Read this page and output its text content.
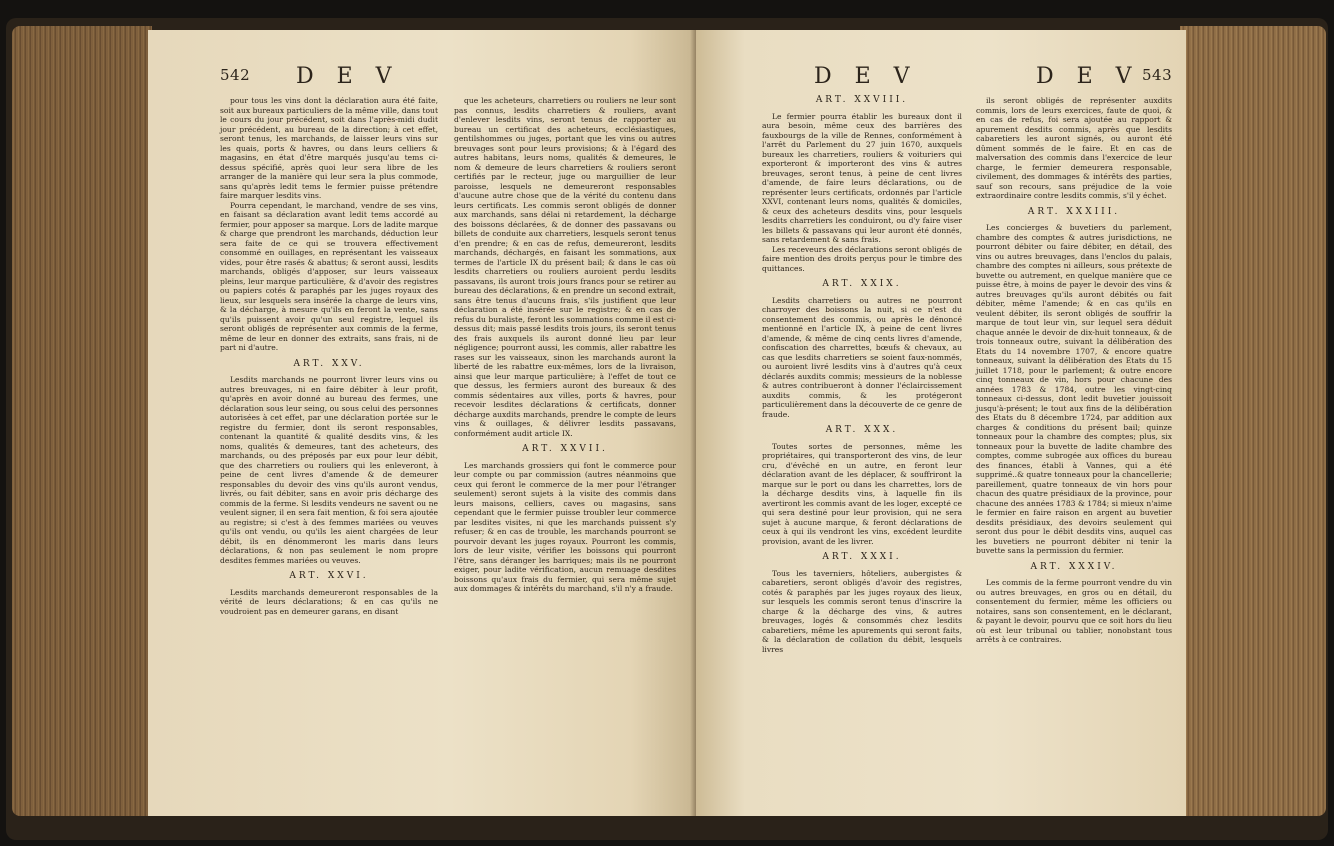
542 D E V

pour tous les vins dont la déclaration aura été faite, soit aux bureaux particuliers de la même ville, dans tout le cours du jour précédent, soit dans l'après-midi dudit jour précédent, au bureau de la direction; à cet effet, seront tenus, les marchands, de laisser leurs vins sur les quais, ports & havres, ou dans leurs celliers & magasins, en état d'être marqués jusqu'au tems ci-dessus spécifié, après quoi leur sera libre de les arranger de la manière qui leur sera la plus commode, sans qu'après ledit tems le fermier puisse prétendre faire marquer lesdits vins.

Pourra cependant, le marchand, vendre de ses vins, en faisant sa déclaration avant ledit tems accordé au fermier, pour apposer sa marque. Lors de ladite marque & charge que prendront les marchands, déduction leur sera faite de ce qui se trouvera effectivement consommé en ouillages, en représentant les vaisseaux vides, pour être rasés & abattus; & seront aussi, lesdits marchands, obligés d'apposer, sur leurs vaisseaux pleins, leur marque particulière, & d'avoir des registres ou papiers cotés & paraphés par les juges royaux des lieux, sur lesquels sera insérée la charge de leurs vins, & la décharge, à mesure qu'ils en feront la vente, sans qu'ils puissent avoir qu'un seul registre, lequel ils seront obligés de représenter aux commis de la ferme, même de leur en donner des extraits, sans frais, ni de part ni d'autre.

ART. XXV.

Lesdits marchands ne pourront livrer leurs vins ou autres breuvages, ni en faire débiter à leur profit, qu'après en avoir donné au bureau des fermes, une déclaration sous leur seing, ou sous celui des personnes autorisées à cet effet, par une déclaration portée sur le registre du fermier, dont ils seront responsables, contenant la quantité & qualité desdits vins, & les noms, qualités & demeures, tant des acheteurs, des marchands, ou des préposés par eux pour leur débit, que des charretiers ou rouliers qui les enleveront, à peine de cent livres d'amende & de demeurer responsables du devoir des vins qu'ils auront vendus, livrés, ou fait débiter, sans en avoir pris décharge des commis de la ferme. Si lesdits vendeurs ne savent ou ne veulent signer, il en sera fait mention, & foi sera ajoutée au registre; si c'est à des femmes mariées ou veuves qu'ils ont vendu, ou qu'ils les aient chargées de leur débit, ils en dénommeront les maris dans leurs déclarations, & non pas seulement le nom propre desdites femmes mariées ou veuves.

ART. XXVI.

Lesdits marchands demeureront responsables de la vérité de leurs déclarations; & en cas qu'ils ne voudroient pas en demeurer garans, en disant

que les acheteurs, charretiers ou rouliers ne leur sont pas connus, lesdits charretiers & rouliers, avant d'enlever lesdits vins, seront tenus de rapporter au bureau un certificat des acheteurs, ecclésiastiques, gentilshommes ou juges, portant que les vins ou autres breuvages sont pour leurs provisions; & à l'égard des autres habitans, leurs noms, qualités & demeures, le nom & demeure de leurs charretiers & rouliers seront certifiés par le recteur, juge ou marguillier de leur paroisse, lesquels ne demeureront responsables d'aucune autre chose que de la vérité du contenu dans leurs certificats. Les commis seront obligés de donner aux marchands, sans délai ni retardement, la décharge des boissons déclarées, & de donner des passavans ou billets de conduite aux charretiers, lesquels seront tenus d'en prendre; & en cas de refus, demeureront, lesdits marchands, déchargés, en faisant les sommations, aux termes de l'article IX du présent bail; & dans le cas où lesdits charretiers ou rouliers auroient perdu lesdits passavans, ils auront trois jours francs pour se retirer au bureau des déclarations, & en prendre un second extrait, sans être tenus d'aucuns frais, s'ils justifient que leur déclaration a été insérée sur le registre; & en cas de refus du buraliste, feront les sommations comme il est ci-dessus dit; mais passé lesdits trois jours, ils seront tenus des frais auxquels ils auront donné lieu par leur négligence; pourront aussi, les commis, aller rabattre les rases sur les vaisseaux, sinon les marchands auront la liberté de les rabattre eux-mêmes, lors de la livraison, ainsi que leur marque particulière; à l'effet de tout ce que dessus, les fermiers auront des bureaux & des commis sédentaires aux villes, ports & havres, pour recevoir lesdites déclarations & certificats, donner décharge auxdits marchands, prendre le compte de leurs vins & ouillages, & délivrer lesdits passavans, conformément audit article IX.

ART. XXVII.

Les marchands grossiers qui font le commerce pour leur compte ou par commission (autres néanmoins que ceux qui feront le commerce de la mer pour l'étranger seulement) seront sujets à la visite des commis dans leurs maisons, celliers, caves ou magasins, sans cependant que le fermier puisse troubler leur commerce par lesdites visites, ni que les marchands puissent s'y refuser; & en cas de trouble, les marchands pourront se pourvoir devant les juges royaux. Pourront les commis, lors de leur visite, vérifier les boissons qui pourront l'être, sans déranger les barriques; mais ils ne pourront exiger, pour ladite vérification, aucun remuage desdites boissons qu'aux frais du fermier, qui sera même sujet aux dommages & intérêts du marchand, s'il n'y a fraude.

D E V	D E V 543
ART. XXVIII.

Le fermier pourra établir les bureaux dont il aura besoin, même ceux des barrières des fauxbourgs de la ville de Rennes, conformément à l'arrêt du Parlement du 27 juin 1670, auxquels bureaux les charretiers, rouliers & voituriers qui exporteront & importeront des vins & autres breuvages, seront tenus, à peine de cent livres d'amende, de faire leurs déclarations, ou de représenter leurs certificats, ordonnés par l'article XXVI, contenant leurs noms, qualités & domiciles, & ceux des acheteurs desdits vins, pour lesquels lesdits charretiers les conduiront, ou d'y faire viser les billets & passavans qui leur auront été donnés, sans retardement & sans frais.

Les receveurs des déclarations seront obligés de faire mention des droits perçus pour le timbre des quittances.

ART. XXIX.

Lesdits charretiers ou autres ne pourront charroyer des boissons la nuit, si ce n'est du consentement des commis, ou après le dénoncé mentionné en l'article IX, à peine de cent livres d'amende, & même de cinq cents livres d'amende, confiscation des charrettes, bœufs & chevaux, au cas que lesdits charretiers se soient faux-nommés, ou auroient livré lesdits vins à d'autres qu'à ceux déclarés auxdits commis; messieurs de la noblesse & autres contribueront à donner l'éclaircissement auxdits commis, & les protégeront particulièrement dans la découverte de ce genre de fraude.

ART. XXX.

Toutes sortes de personnes, même les propriétaires, qui transporteront des vins, de leur cru, d'évêché en un autre, en feront leur déclaration avant de les déplacer, & souffriront la marque sur le port ou dans les charrettes, lors de la décharge desdits vins, à laquelle fin ils avertiront les commis avant de les loger, excepté ce qui sera destiné pour leur provision, qui ne sera sujet à aucune marque, & feront déclarations de ceux à qui ils vendront les vins, excédent leurdite provision, avant de les livrer.

ART. XXXI.

Tous les taverniers, hôteliers, aubergistes & cabaretiers, seront obligés d'avoir des registres, cotés & paraphés par les juges royaux des lieux, sur lesquels les commis seront tenus d'inscrire la charge & la décharge des vins, & autres breuvages, logés & consommés chez lesdits cabaretiers, même les apurements qui seront faits, & la déclaration de collation du débit, lesquels livres

ils seront obligés de représenter auxdits commis, lors de leurs exercices, faute de quoi, & en cas de refus, foi sera ajoutée au rapport & apurement desdits commis, après que lesdits cabaretiers les auront signés, ou auront été dûment sommés de le faire. Et en cas de malversation des commis dans l'exercice de leur charge, le fermier demeurera responsable, civilement, des dommages & intérêts des parties, sauf son recours, sans préjudice de la voie extraordinaire contre lesdits commis, s'il y échet.

ART. XXXIII.

Les concierges & buvetiers du parlement, chambre des comptes & autres jurisdictions, ne pourront débiter ou faire débiter, en détail, des vins ou autres breuvages, dans l'enclos du palais, chambre des comptes ni ailleurs, sous prétexte de buvette ou autrement, en quelque manière que ce puisse être, à moins de payer le devoir des vins & autres breuvages qu'ils auront débités ou fait débiter, même l'amende; & en cas qu'ils en veulent débiter, ils seront obligés de souffrir la marque de tout leur vin, sur lequel sera déduit chaque année le devoir de dix-huit tonneaux, & de trois tonneaux outre, suivant la délibération des Etats du 14 novembre 1707, & encore quatre tonneaux, suivant la délibération des Etats du 15 juillet 1718, pour le parlement; & outre encore cinq tonneaux de vin, hors pour chacune des années 1783 & 1784, outre les vingt-cinq tonneaux ci-dessus, dont ledit buvetier jouissoit jusqu'à-présent; le tout aux fins de la délibération des Etats du 8 décembre 1724, par addition aux charges & conditions du présent bail; quinze tonneaux pour la chambre des comptes; plus, six tonneaux pour la buvette de ladite chambre des comptes, comme subrogée aux offices du bureau des finances, établi à Vannes, qui a été supprimé..& quatre tonneaux pour la chancellerie; pareillement, quatre tonneaux de vin hors pour chacun des quatre présidiaux de la province, pour chacune des années 1783 & 1784; si mieux n'aime le fermier en faire raison en argent au buvetier desdits présidiaux, des devoirs seulement qui seront dus pour le débit desdits vins, auquel cas les buvetiers ne pourront débiter ni tenir la buvette sans la permission du fermier.

ART. XXXIV.

Les commis de la ferme pourront vendre du vin ou autres breuvages, en gros ou en détail, du consentement du fermier, même les officiers ou notaires, sans son consentement, en le déclarant, & payant le devoir, pourvu que ce soit hors du lieu où est leur tribunal ou tablier, nonobstant tous arrêts à ce contraires.
